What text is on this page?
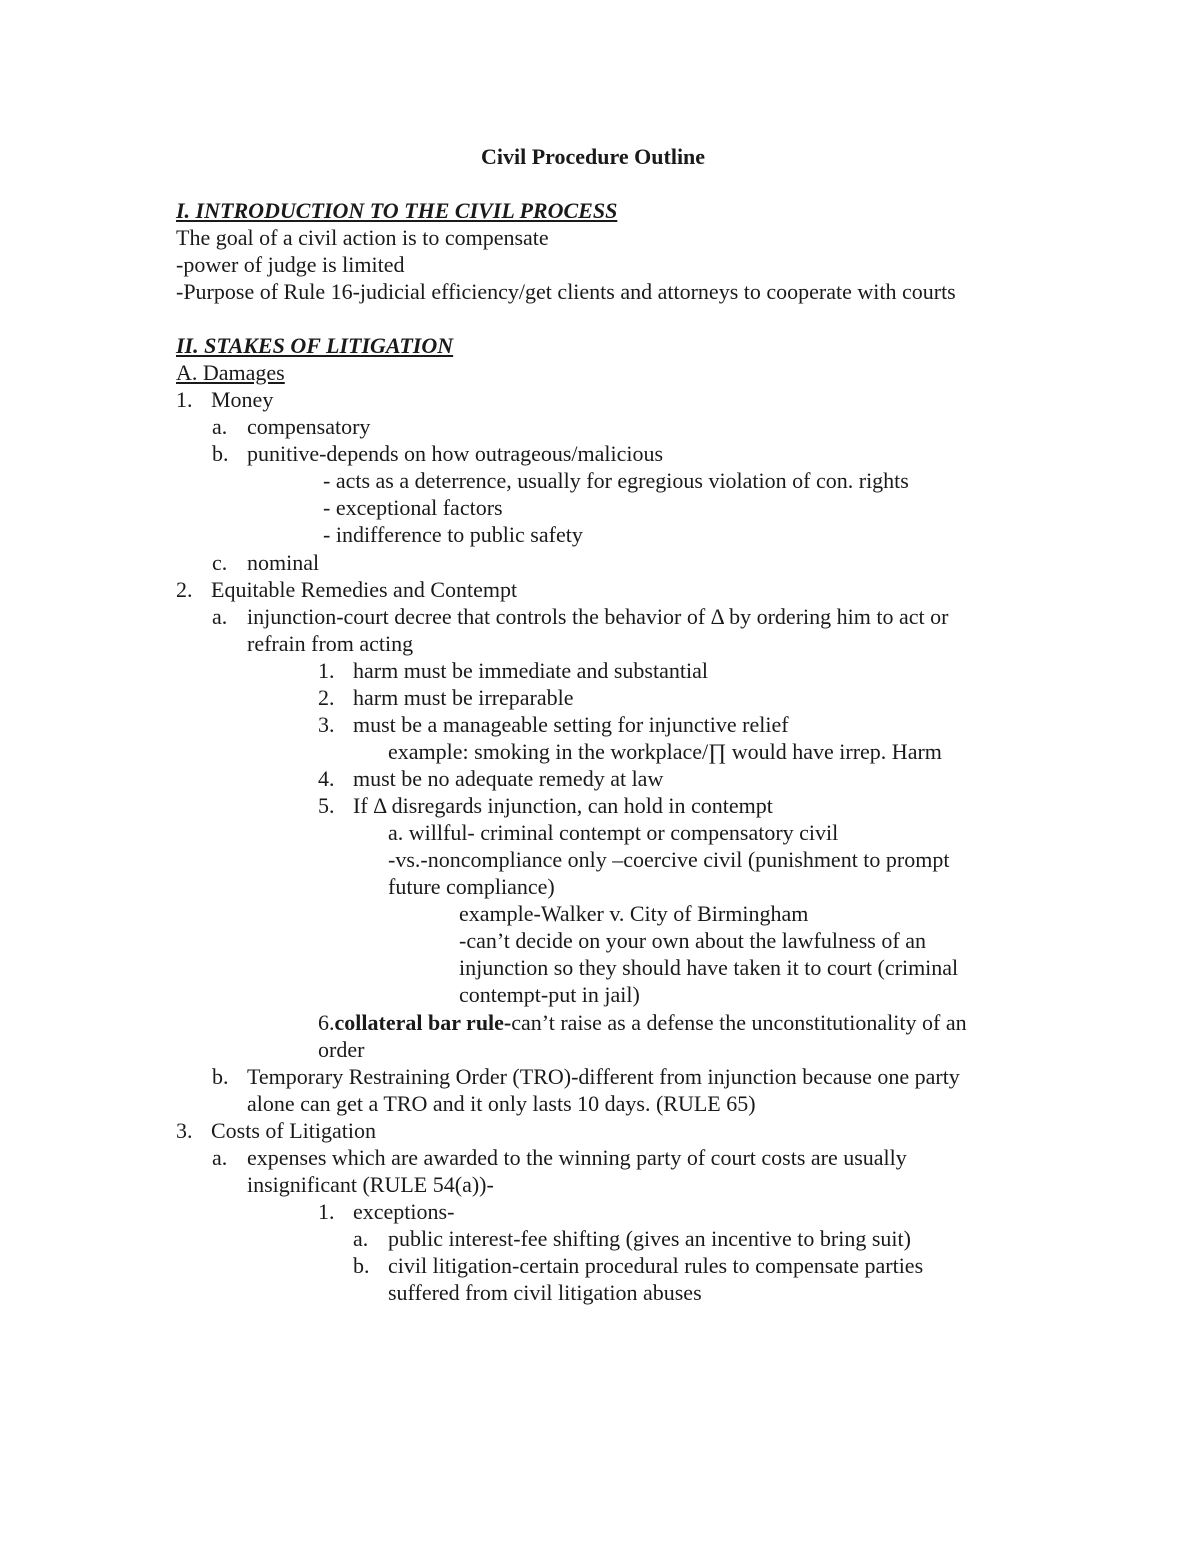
Civil Procedure Outline
I. INTRODUCTION TO THE CIVIL PROCESS
The goal of a civil action is to compensate
-power of judge is limited
-Purpose of Rule 16-judicial efficiency/get clients and attorneys to cooperate with courts
II. STAKES OF LITIGATION
A. Damages
1. Money
a. compensatory
b. punitive-depends on how outrageous/malicious
- acts as a deterrence, usually for egregious violation of con. rights
- exceptional factors
- indifference to public safety
c. nominal
2. Equitable Remedies and Contempt
a. injunction-court decree that controls the behavior of Δ by ordering him to act or
refrain from acting
1. harm must be immediate and substantial
2. harm must be irreparable
3. must be a manageable setting for injunctive relief
example: smoking in the workplace/∏ would have irrep. Harm
4. must be no adequate remedy at law
5. If Δ disregards injunction, can hold in contempt
a. willful- criminal contempt or compensatory civil
-vs.-noncompliance only –coercive civil (punishment to prompt
future compliance)
example-Walker v. City of Birmingham
-can’t decide on your own about the lawfulness of an
injunction so they should have taken it to court (criminal
contempt-put in jail)
6.collateral bar rule-can’t raise as a defense the unconstitutionality of an
order
b. Temporary Restraining Order (TRO)-different from injunction because one party
alone can get a TRO and it only lasts 10 days. (RULE 65)
3. Costs of Litigation
a. expenses which are awarded to the winning party of court costs are usually
insignificant (RULE 54(a))-
1. exceptions-
a. public interest-fee shifting (gives an incentive to bring suit)
b. civil litigation-certain procedural rules to compensate parties
suffered from civil litigation abuses
